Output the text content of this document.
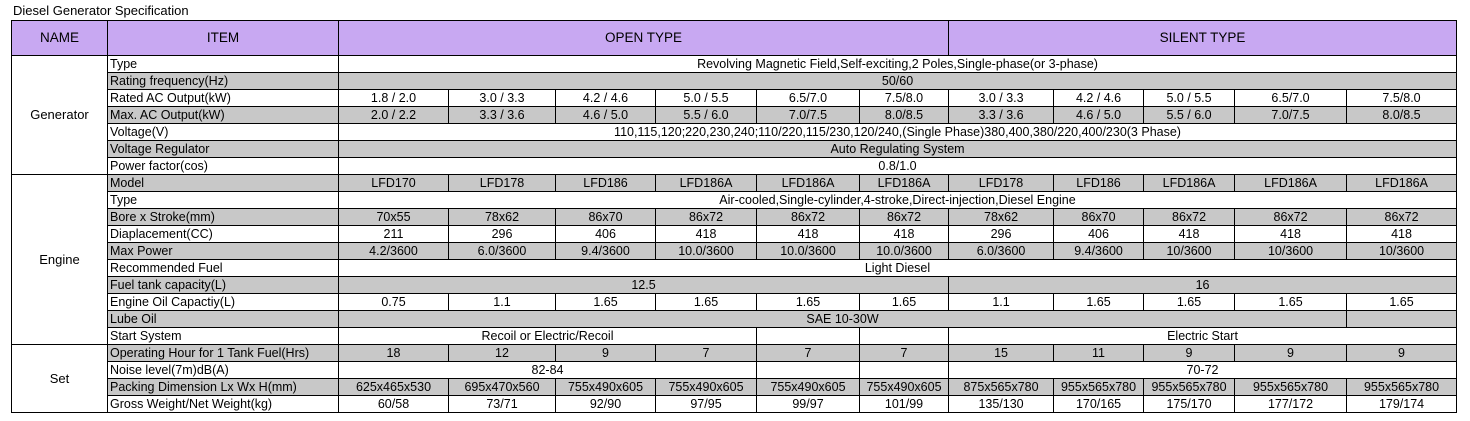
Diesel Generator Specification
NAME	ITEM	OPEN TYPE						SILENT TYPE				
Generator	Type	Revolving Magnetic Field,Self-exciting,2 Poles,Single-phase(or 3-phase)										
	Rating frequency(Hz)	50/60										
	Rated AC Output(kW)	1.8 / 2.0	3.0 / 3.3	4.2 / 4.6	5.0 / 5.5	6.5/7.0	7.5/8.0	3.0 / 3.3	4.2 / 4.6	5.0 / 5.5	6.5/7.0	7.5/8.0
	Max. AC Output(kW)	2.0 / 2.2	3.3 / 3.6	4.6 / 5.0	5.5 / 6.0	7.0/7.5	8.0/8.5	3.3 / 3.6	4.6 / 5.0	5.5 / 6.0	7.0/7.5	8.0/8.5
	Voltage(V)	110,115,120;220,230,240;110/220,115/230,120/240,(Single Phase)380,400,380/220,400/230(3 Phase)										
	Voltage Regulator	Auto Regulating System										
	Power factor(cos)	0.8/1.0										
Engine	Model	LFD170	LFD178	LFD186	LFD186A	LFD186A	LFD186A	LFD178	LFD186	LFD186A	LFD186A	LFD186A
	Type	Air-cooled,Single-cylinder,4-stroke,Direct-injection,Diesel Engine										
	Bore x Stroke(mm)	70x55	78x62	86x70	86x72	86x72	86x72	78x62	86x70	86x72	86x72	86x72
	Diaplacement(CC)	211	296	406	418	418	418	296	406	418	418	418
	Max Power	4.2/3600	6.0/3600	9.4/3600	10.0/3600	10.0/3600	10.0/3600	6.0/3600	9.4/3600	10/3600	10/3600	10/3600
	Recommended Fuel	Light Diesel										
	Fuel tank capacity(L)	12.5						16				
	Engine Oil Capactiy(L)	0.75	1.1	1.65	1.65	1.65	1.65	1.1	1.65	1.65	1.65	1.65
	Lube Oil	SAE 10-30W										
	Start System	Recoil or Electric/Recoil						Electric Start				
Set	Operating Hour for 1 Tank Fuel(Hrs)	18	12	9	7	7	7	15	11	9	9	9
	Noise level(7m)dB(A)	82-84						70-72				
	Packing Dimension Lx Wx H(mm)	625x465x530	695x470x560	755x490x605	755x490x605	755x490x605	755x490x605	875x565x780	955x565x780	955x565x780	955x565x780	955x565x780
	Gross Weight/Net Weight(kg)	60/58	73/71	92/90	97/95	99/97	101/99	135/130	170/165	175/170	177/172	179/174
